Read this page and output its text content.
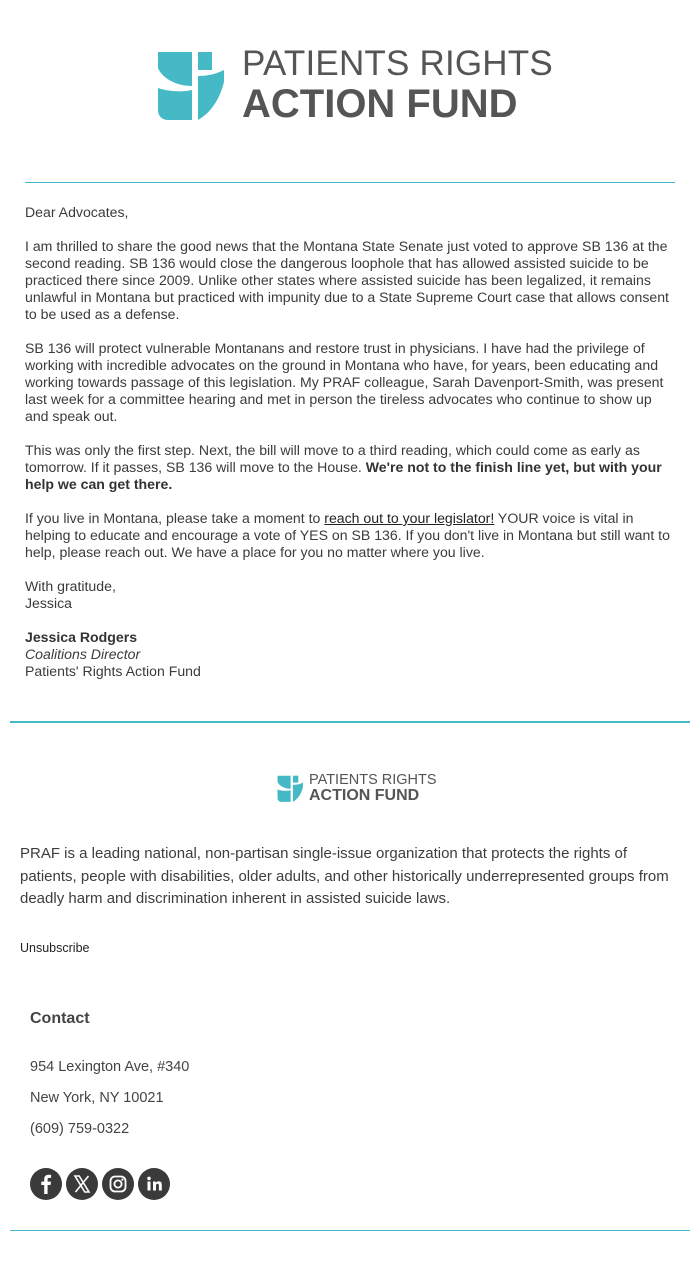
PATIENTS RIGHTS
ACTION FUND

Dear Advocates,

I am thrilled to share the good news that the Montana State Senate just voted to approve SB 136 at the second reading. SB 136 would close the dangerous loophole that has allowed assisted suicide to be practiced there since 2009. Unlike other states where assisted suicide has been legalized, it remains unlawful in Montana but practiced with impunity due to a State Supreme Court case that allows consent to be used as a defense.

SB 136 will protect vulnerable Montanans and restore trust in physicians. I have had the privilege of working with incredible advocates on the ground in Montana who have, for years, been educating and working towards passage of this legislation. My PRAF colleague, Sarah Davenport-Smith, was present last week for a committee hearing and met in person the tireless advocates who continue to show up and speak out.

This was only the first step. Next, the bill will move to a third reading, which could come as early as tomorrow. If it passes, SB 136 will move to the House. We're not to the finish line yet, but with your help we can get there.

If you live in Montana, please take a moment to reach out to your legislator! YOUR voice is vital in helping to educate and encourage a vote of YES on SB 136. If you don't live in Montana but still want to help, please reach out. We have a place for you no matter where you live.

With gratitude,

Jessica

Jessica Rodgers

Coalitions Director

Patients' Rights Action Fund

PATIENTS RIGHTS
ACTION FUND
PRAF is a leading national, non-partisan single-issue organization that protects the rights of patients, people with disabilities, older adults, and other historically underrepresented groups from deadly harm and discrimination inherent in assisted suicide laws.
Unsubscribe
Contact
954 Lexington Ave, #340
New York, NY 10021
(609) 759-0322
